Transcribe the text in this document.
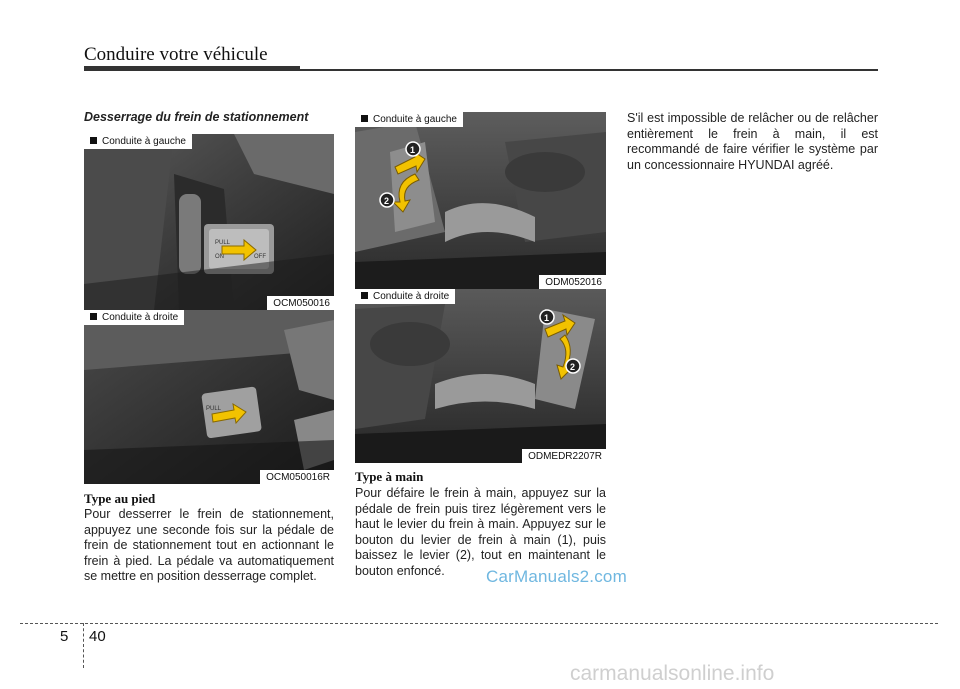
Conduire votre véhicule
Desserrage du frein de stationnement
PULL
ON	OFF
Conduite à gauche
OCM050016
PULL
Conduite à droite
OCM050016R
Type au pied
Pour desserrer le frein de stationnement, appuyez une seconde fois sur la pédale de frein de stationnement tout en actionnant le frein à pied. La pédale va automatiquement se mettre en position desserrage complet.
1
2
Conduite à gauche
ODM052016
1
2
Conduite à droite
ODMEDR2207R
Type à main
Pour défaire le frein à main, appuyez sur la pédale de frein puis tirez légèrement vers le haut le levier du frein à main. Appuyez sur le bouton du levier de frein à main (1), puis baissez le levier (2), tout en maintenant le bouton enfoncé.
S'il est impossible de relâcher ou de relâcher entièrement le frein à main, il est recommandé de faire vérifier le système par un concessionnaire HYUNDAI agréé.
CarManuals2.com
5 40
carmanualsonline.info
